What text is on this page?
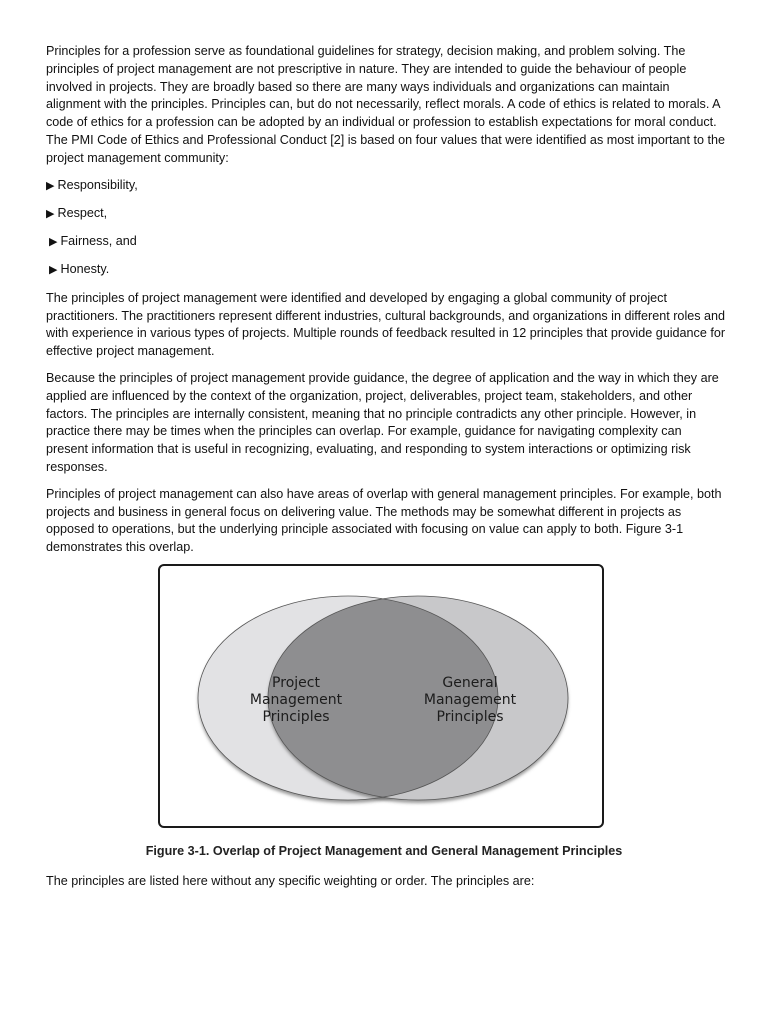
Principles for a profession serve as foundational guidelines for strategy, decision making, and problem solving. The principles of project management are not prescriptive in nature. They are intended to guide the behaviour of people involved in projects. They are broadly based so there are many ways individuals and organizations can maintain alignment with the principles. Principles can, but do not necessarily, reflect morals. A code of ethics is related to morals. A code of ethics for a profession can be adopted by an individual or profession to establish expectations for moral conduct. The PMI Code of Ethics and Professional Conduct [2] is based on four values that were identified as most important to the project management community:

▶ Responsibility,
▶ Respect,
▶ Fairness, and
▶ Honesty.

The principles of project management were identified and developed by engaging a global community of project practitioners. The practitioners represent different industries, cultural backgrounds, and organizations in different roles and with experience in various types of projects. Multiple rounds of feedback resulted in 12 principles that provide guidance for effective project management.

Because the principles of project management provide guidance, the degree of application and the way in which they are applied are influenced by the context of the organization, project, deliverables, project team, stakeholders, and other factors. The principles are internally consistent, meaning that no principle contradicts any other principle. However, in practice there may be times when the principles can overlap. For example, guidance for navigating complexity can present information that is useful in recognizing, evaluating, and responding to system interactions or optimizing risk responses.

Principles of project management can also have areas of overlap with general management principles. For example, both projects and business in general focus on delivering value. The methods may be somewhat different in projects as opposed to operations, but the underlying principle associated with focusing on value can apply to both. Figure 3-1 demonstrates this overlap.

Project
Management
Principles
General
Management
Principles
Figure 3-1. Overlap of Project Management and General Management Principles

The principles are listed here without any specific weighting or order. The principles are:
